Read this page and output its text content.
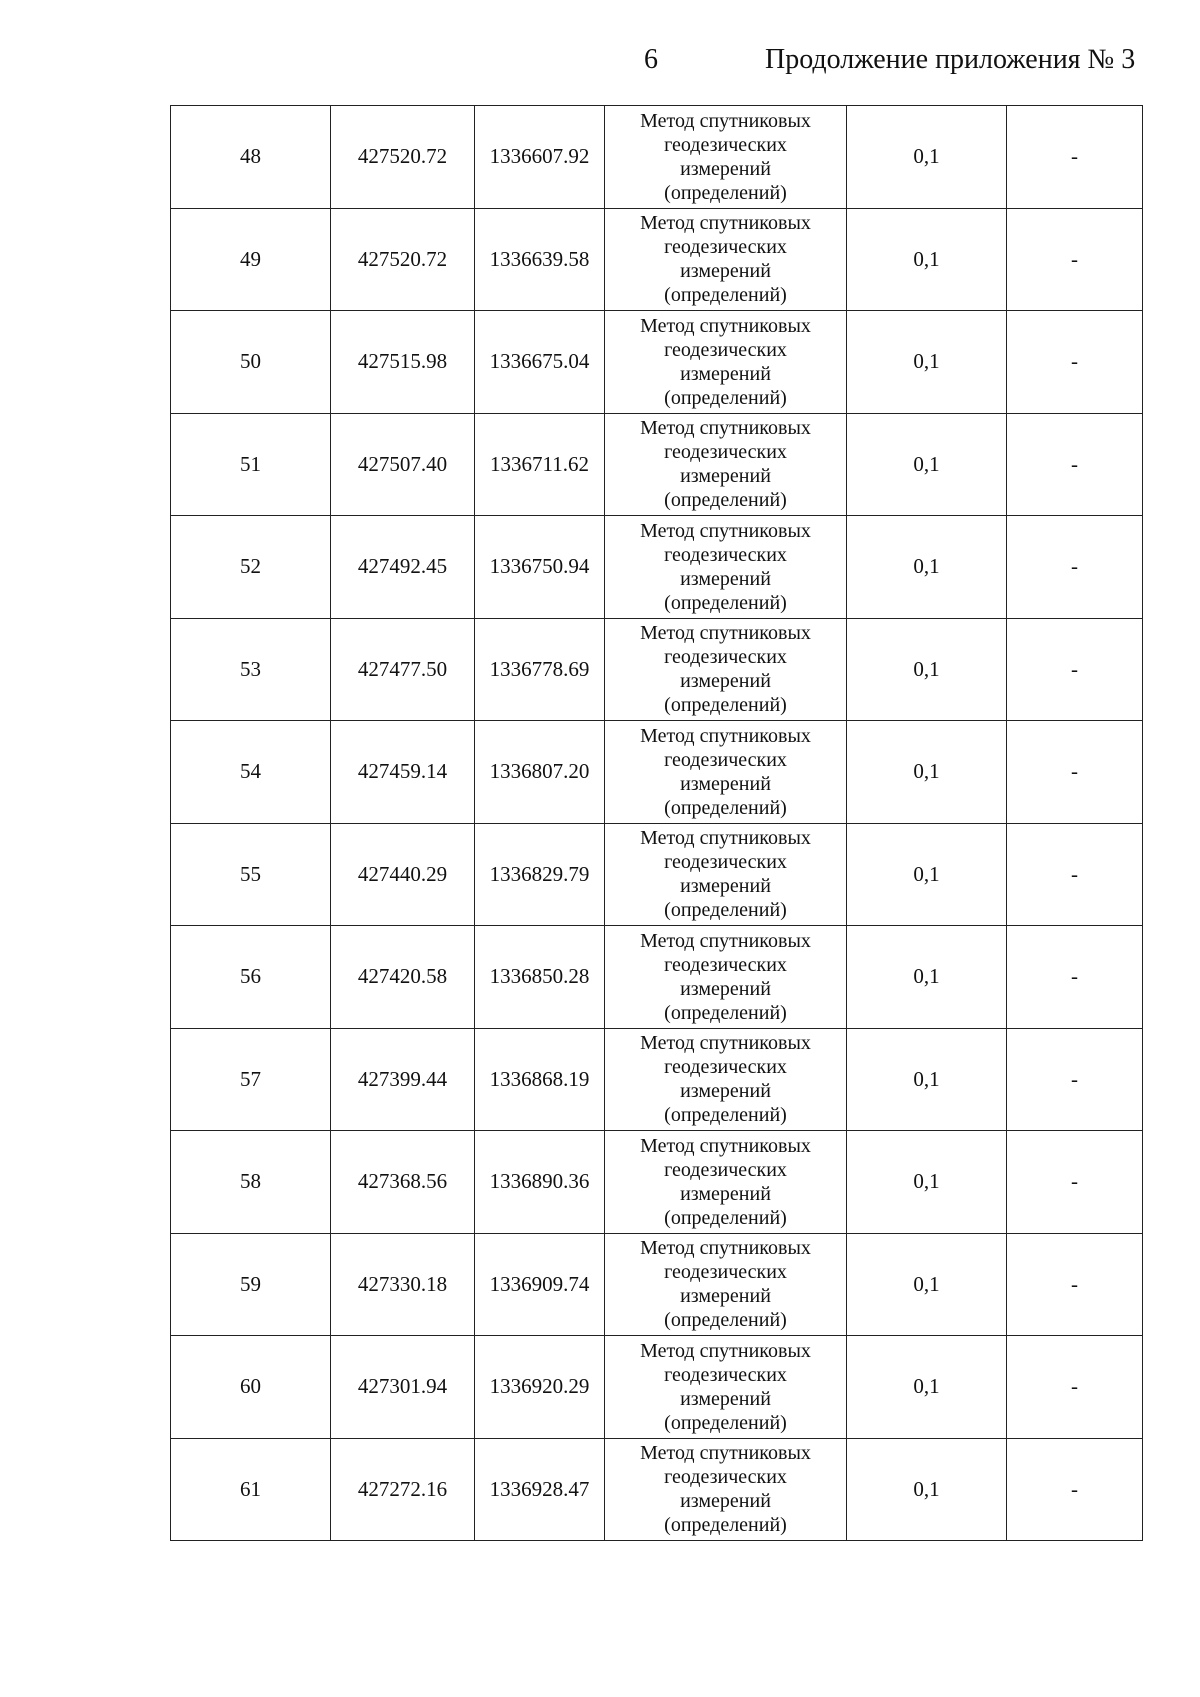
6	Продолжение приложения № 3
48	427520.72	1336607.92	Метод спутниковых
геодезических
измерений
(определений)	0,1	-
49	427520.72	1336639.58	Метод спутниковых
геодезических
измерений
(определений)	0,1	-
50	427515.98	1336675.04	Метод спутниковых
геодезических
измерений
(определений)	0,1	-
51	427507.40	1336711.62	Метод спутниковых
геодезических
измерений
(определений)	0,1	-
52	427492.45	1336750.94	Метод спутниковых
геодезических
измерений
(определений)	0,1	-
53	427477.50	1336778.69	Метод спутниковых
геодезических
измерений
(определений)	0,1	-
54	427459.14	1336807.20	Метод спутниковых
геодезических
измерений
(определений)	0,1	-
55	427440.29	1336829.79	Метод спутниковых
геодезических
измерений
(определений)	0,1	-
56	427420.58	1336850.28	Метод спутниковых
геодезических
измерений
(определений)	0,1	-
57	427399.44	1336868.19	Метод спутниковых
геодезических
измерений
(определений)	0,1	-
58	427368.56	1336890.36	Метод спутниковых
геодезических
измерений
(определений)	0,1	-
59	427330.18	1336909.74	Метод спутниковых
геодезических
измерений
(определений)	0,1	-
60	427301.94	1336920.29	Метод спутниковых
геодезических
измерений
(определений)	0,1	-
61	427272.16	1336928.47	Метод спутниковых
геодезических
измерений
(определений)	0,1	-
